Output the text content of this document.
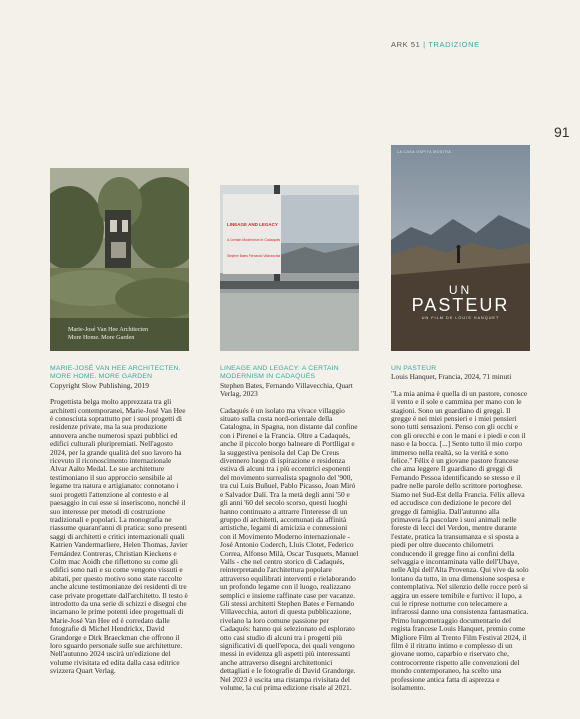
ARK 51 | TRADIZIONE
91
Marie-José Van Hee Architecten
More Home. More Garden
LINEAGE AND LEGACY
A Certain Modernism in Cadaqués
Stephen Bates Fernando Villavecchia
LA CASA OSPITA MOSTRA
UN
PASTEUR
UN FILM DE LOUIS HANQUET
MARIE-JOSÉ VAN HEE ARCHITECTEN. MORE HOME. MORE GARDEN
Copyright Slow Publishing, 2019

Progettista belga molto apprezzata tra gli architetti contemporanei, Marie-José Van Hee è conosciuta soprattutto per i suoi progetti di residenze private, ma la sua produzione annovera anche numerosi spazi pubblici ed edifici culturali pluripremiati. Nell'agosto 2024, per la grande qualità del suo lavoro ha ricevuto il riconoscimento internazionale Alvar Aalto Medal. Le sue architetture testimoniano il suo approccio sensibile al legame tra natura e artigianato: connotano i suoi progetti l'attenzione al contesto e al paesaggio in cui esse si inseriscono, nonché il suo interesse per metodi di costruzione tradizionali e popolari. La monografia ne riassume quarant'anni di pratica: sono presenti saggi di architetti e critici internazionali quali Katrien Vandermarliere, Helen Thomas, Javier Fernández Contreras, Christian Kieckens e Colm mac Aoidh che riflettono su come gli edifici sono nati e su come vengono vissuti e abitati, per questo motivo sono state raccolte anche alcune testimonianze dei residenti di tre case private progettate dall'architetto. Il testo è introdotto da una serie di schizzi e disegni che incarnano le prime potenti idee progettuali di Marie-José Van Hee ed è corredato dalle fotografie di Michel Hendrickx, David Grandorge e Dirk Braeckman che offrono il loro sguardo personale sulle sue architetture. Nell'autunno 2024 uscirà un'edizione del volume rivisitata ed edita dalla casa editrice svizzera Quart Verlag.

LINEAGE AND LEGACY: A CERTAIN MODERNISM IN CADAQUÉS
Stephen Bates, Fernando Villavecchia, Quart Verlag, 2023

Cadaqués è un isolato ma vivace villaggio situato sulla costa nord-orientale della Catalogna, in Spagna, non distante dal confine con i Pirenei e la Francia. Oltre a Cadaqués, anche il piccolo borgo balneare di Portlligat e la suggestiva penisola del Cap De Creus divennero luogo di ispirazione e residenza estiva di alcuni tra i più eccentrici esponenti del movimento surrealista spagnolo del '900, tra cui Luis Buñuel, Pablo Picasso, Joan Miró e Salvador Dalí. Tra la metà degli anni '50 e gli anni '60 del secolo scorso, questi luoghi hanno continuato a attrarre l'interesse di un gruppo di architetti, accomunati da affinità artistiche, legami di amicizia e connessioni con il Movimento Moderno internazionale - José Antonio Coderch, Lluís Clotet, Federico Correa, Alfonso Milà, Oscar Tusquets, Manuel Valls - che nel centro storico di Cadaqués, reinterpretando l'architettura popolare attraverso equilibrati interventi e rielaborando un profondo legame con il luogo, realizzano semplici e insieme raffinate case per vacanze. Gli stessi architetti Stephen Bates e Fernando Villavecchia, autori di questa pubblicazione, rivelano la loro comune passione per Cadaqués: hanno qui selezionato ed esplorato otto casi studio di alcuni tra i progetti più significativi di quell'epoca, dei quali vengono messi in evidenza gli aspetti più interessanti anche attraverso disegni architettonici dettagliati e le fotografie di David Grandorge. Nel 2023 è uscita una ristampa rivisitata del volume, la cui prima edizione risale al 2021.

UN PASTEUR
Louis Hanquet, Francia, 2024, 71 minuti

"La mia anima è quella di un pastore, conosce il vento e il sole e cammina per mano con le stagioni. Sono un guardiano di greggi. Il gregge è nei miei pensieri e i miei pensieri sono tutti sensazioni. Penso con gli occhi e con gli orecchi e con le mani e i piedi e con il naso e la bocca. [...] Sento tutto il mio corpo immerso nella realtà, so la verità e sono felice." Félix è un giovane pastore francese che ama leggere Il guardiano di greggi di Fernando Pessoa identificando se stesso e il padre nelle parole dello scrittore portoghese. Siamo nel Sud-Est della Francia. Félix alleva ed accudisce con dedizione le pecore del gregge di famiglia. Dall'autunno alla primavera fa pascolare i suoi animali nelle foreste di lecci del Verdon, mentre durante l'estate, pratica la transumanza e si sposta a piedi per oltre duecento chilometri conducendo il gregge fino ai confini della selvaggia e incontaminata valle dell'Ubaye, nelle Alpi dell'Alta Provenza. Qui vive da solo lontano da tutto, in una dimensione sospesa e contemplativa. Nel silenzio delle rocce però si aggira un essere temibile e furtivo: il lupo, a cui le riprese notturne con telecamere a infrarossi danno una consistenza fantasmatica. Primo lungometraggio documentario del regista francese Louis Hanquet, premio come Migliore Film al Trento Film Festival 2024, il film è il ritratto intimo e complesso di un giovane uomo, caparbio e riservato che, controcorrente rispetto alle convenzioni del mondo contemporaneo, ha scelto una professione antica fatta di asprezza e isolamento.
